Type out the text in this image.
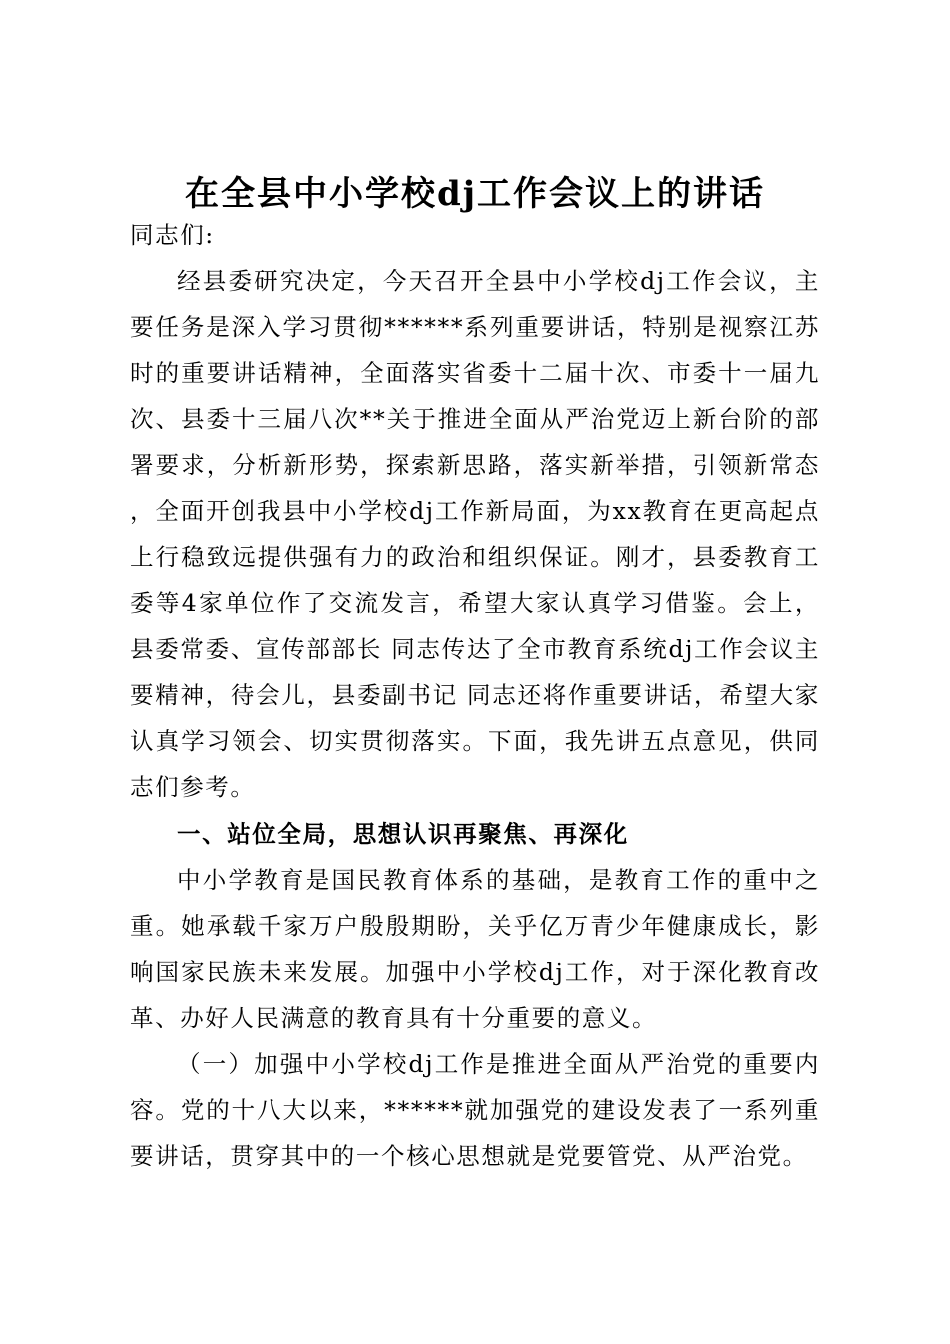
在全县中小学校dj工作会议上的讲话

同志们:

经县委研究决定，今天召开全县中小学校dj工作会议，主要任务是深入学习贯彻******系列重要讲话，特别是视察江苏时的重要讲话精神，全面落实省委十二届十次、市委十一届九次、县委十三届八次**关于推进全面从严治党迈上新台阶的部署要求，分析新形势，探索新思路，落实新举措，引领新常态，全面开创我县中小学校dj工作新局面，为xx教育在更高起点上行稳致远提供强有力的政治和组织保证。刚才，县委教育工委等4家单位作了交流发言，希望大家认真学习借鉴。会上，县委常委、宣传部部长 同志传达了全市教育系统dj工作会议主要精神，待会儿，县委副书记 同志还将作重要讲话，希望大家认真学习领会、切实贯彻落实。下面，我先讲五点意见，供同志们参考。

一、站位全局，思想认识再聚焦、再深化

中小学教育是国民教育体系的基础，是教育工作的重中之重。她承载千家万户殷殷期盼，关乎亿万青少年健康成长，影响国家民族未来发展。加强中小学校dj工作，对于深化教育改革、办好人民满意的教育具有十分重要的意义。

（一）加强中小学校dj工作是推进全面从严治党的重要内容。党的十八大以来，******就加强党的建设发表了一系列重要讲话，贯穿其中的一个核心思想就是党要管党、从严治党。
